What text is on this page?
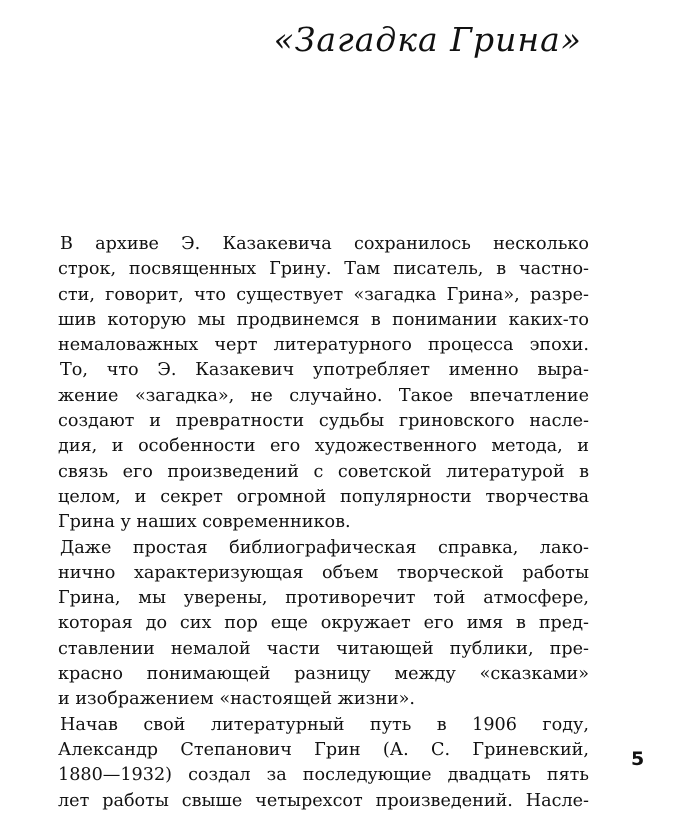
«Загадка Грина»
В архиве Э. Казакевича сохранилось несколько
строк, посвященных Грину. Там писатель, в частно-
сти, говорит, что существует «загадка Грина», разре-
шив которую мы продвинемся в понимании каких-то
немаловажных черт литературного процесса эпохи.
То, что Э. Казакевич употребляет именно выра-
жение «загадка», не случайно. Такое впечатление
создают и превратности судьбы гриновского насле-
дия, и особенности его художественного метода, и
связь его произведений с советской литературой в
целом, и секрет огромной популярности творчества
Грина у наших современников.
Даже простая библиографическая справка, лако-
нично характеризующая объем творческой работы
Грина, мы уверены, противоречит той атмосфере,
которая до сих пор еще окружает его имя в пред-
ставлении немалой части читающей публики, пре-
красно понимающей разницу между «сказками»
и изображением «настоящей жизни».
Начав свой литературный путь в 1906 году,
Александр Степанович Грин (А. С. Гриневский,
1880—1932) создал за последующие двадцать пять
лет работы свыше четырехсот произведений. Насле-
5
